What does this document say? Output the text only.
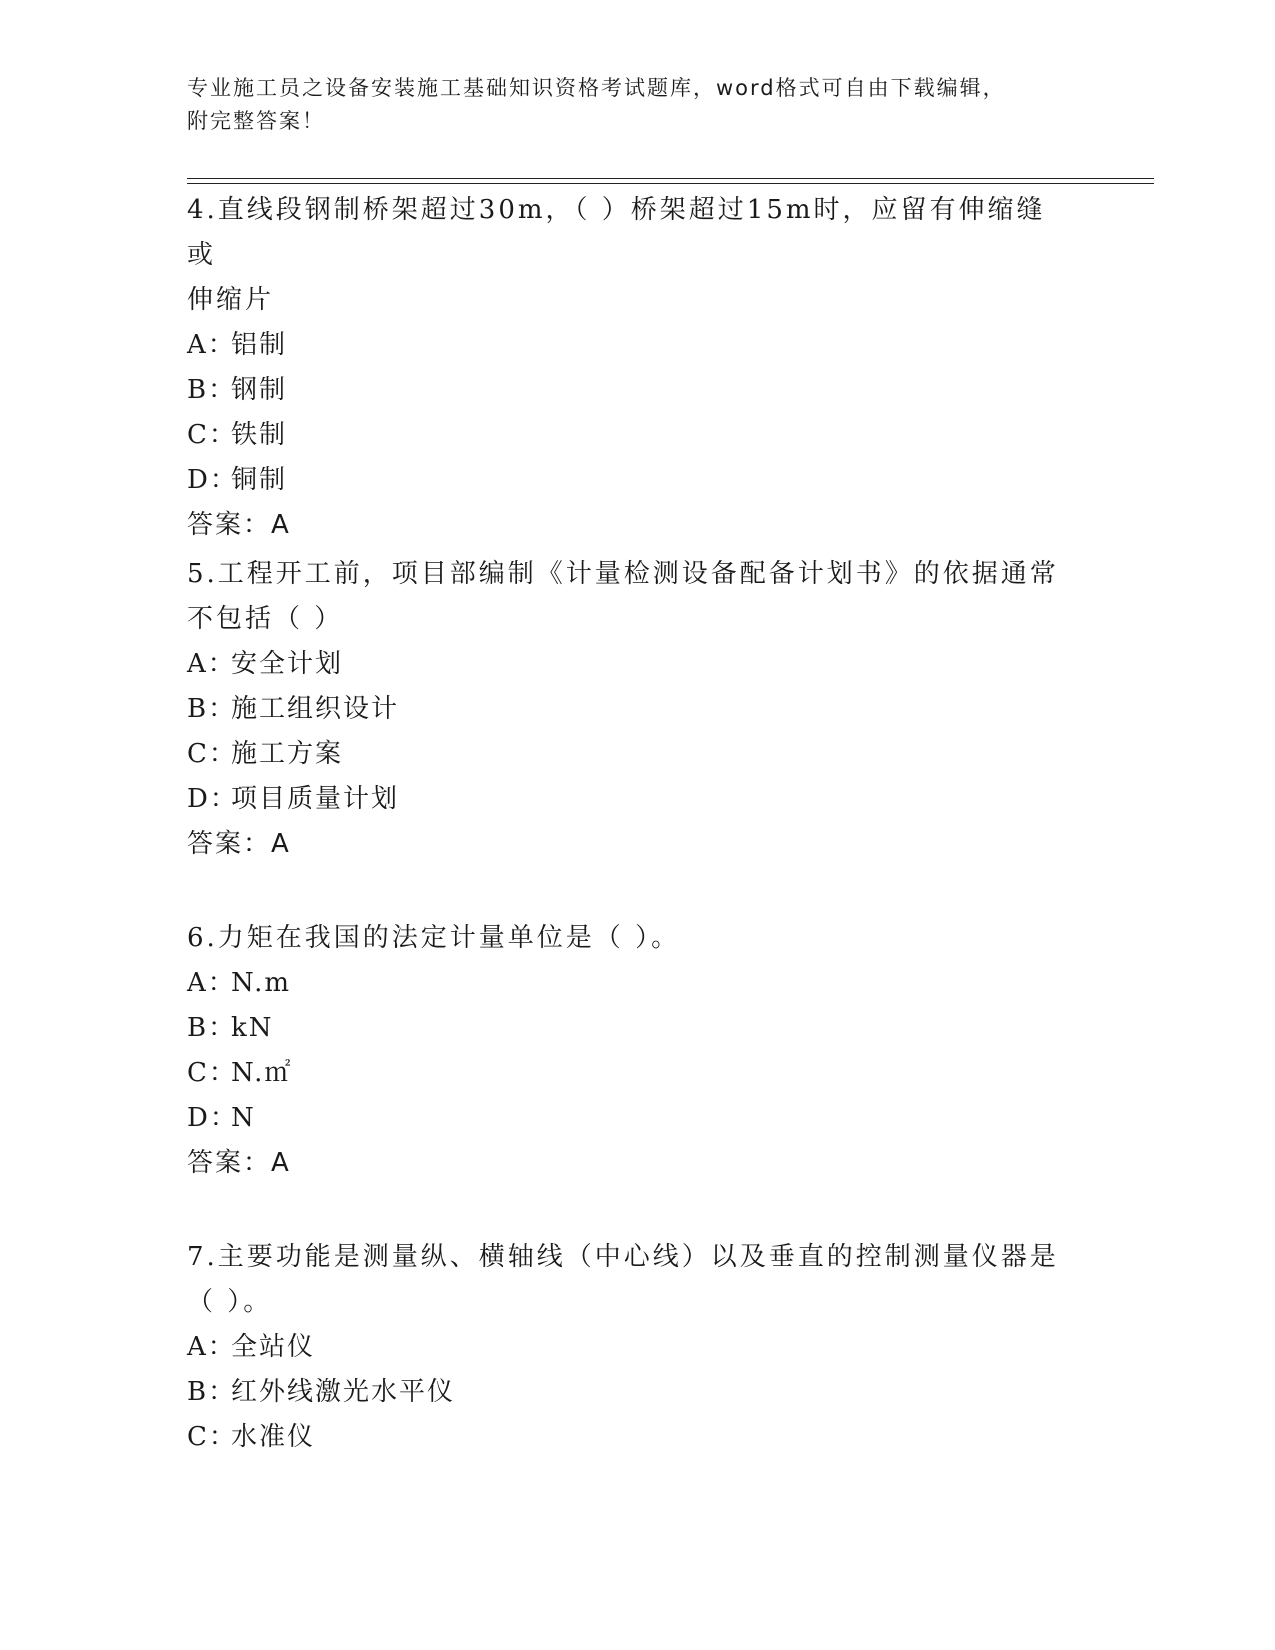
专业施工员之设备安装施工基础知识资格考试题库，word格式可自由下载编辑，
附完整答案！

4.直线段钢制桥架超过30m，（ ）桥架超过15m时，应留有伸缩缝或

伸缩片

A：铝制

B：钢制

C：铁制

D：铜制

答案：A

5.工程开工前，项目部编制《计量检测设备配备计划书》的依据通常

不包括（ ）

A：安全计划

B：施工组织设计

C：施工方案

D：项目质量计划

答案：A

6.力矩在我国的法定计量单位是（ ）。

A：N.m

B：kN

C：N.㎡

D：N

答案：A

7.主要功能是测量纵、横轴线（中心线）以及垂直的控制测量仪器是

（ ）。

A：全站仪

B：红外线激光水平仪

C：水准仪
